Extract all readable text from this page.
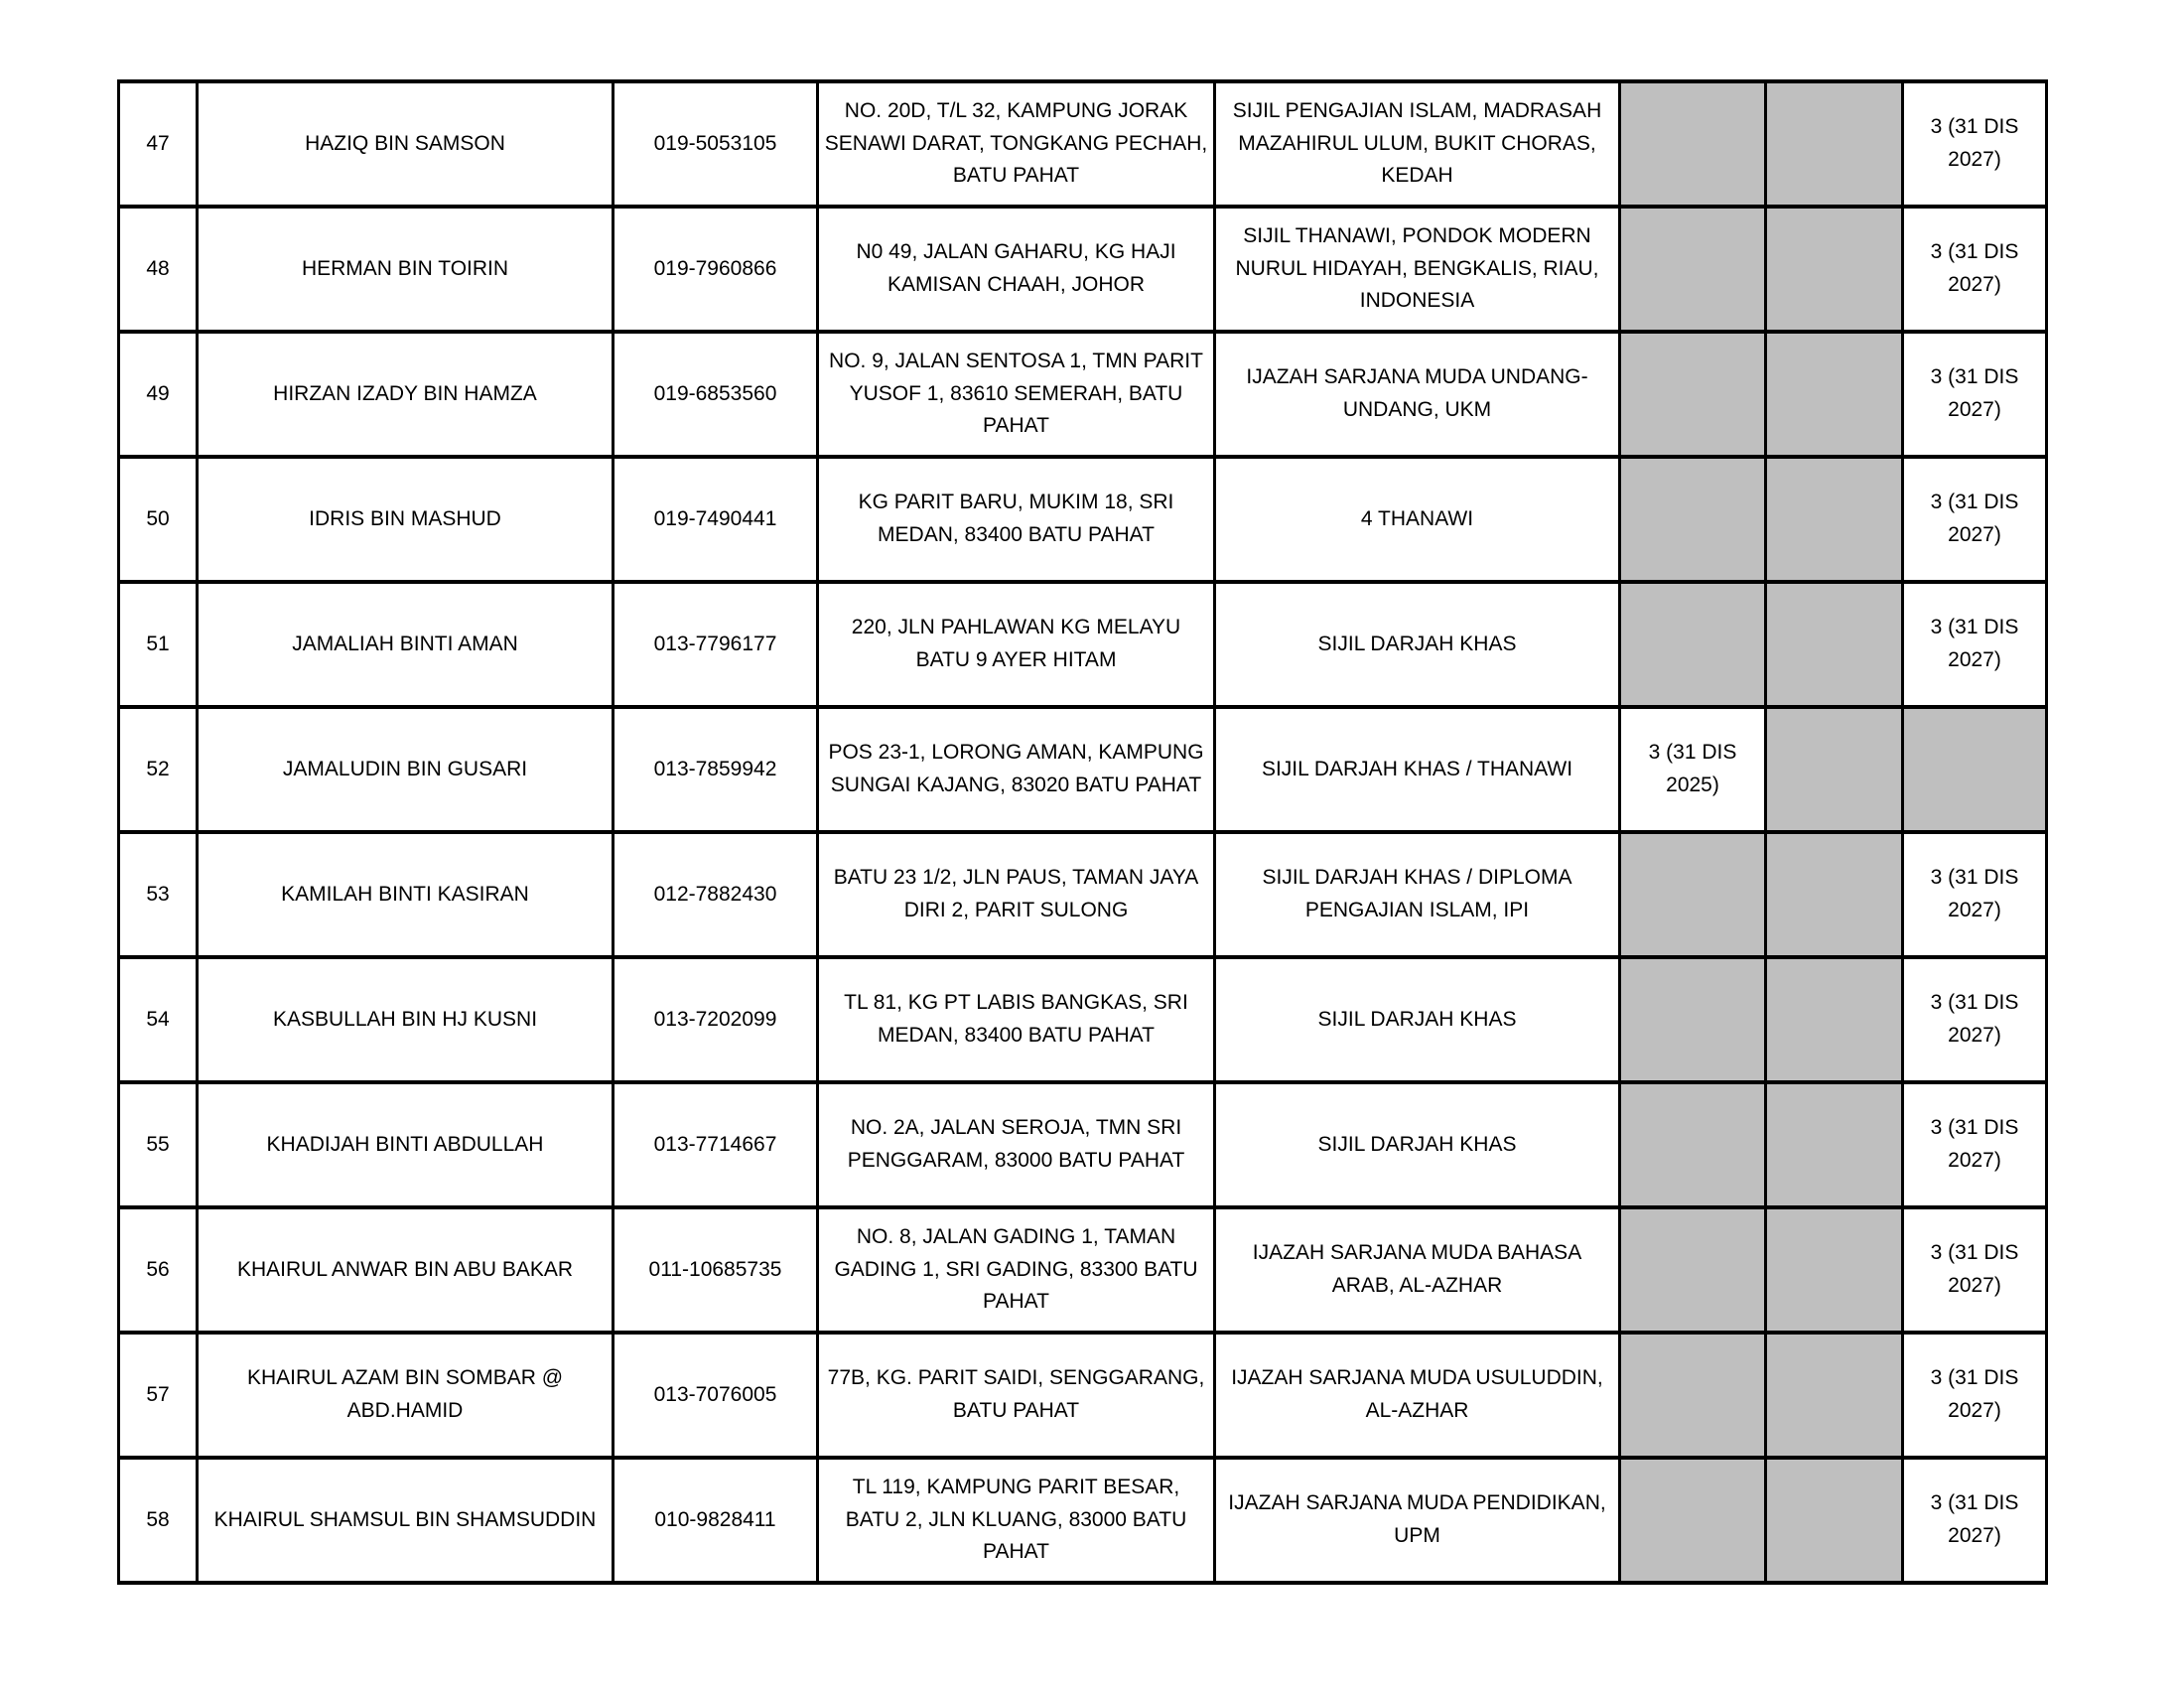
47	HAZIQ BIN SAMSON	019-5053105	NO. 20D, T/L 32, KAMPUNG JORAK SENAWI DARAT, TONGKANG PECHAH, BATU PAHAT	SIJIL PENGAJIAN ISLAM, MADRASAH MAZAHIRUL ULUM, BUKIT CHORAS, KEDAH			3 (31 DIS 2027)
48	HERMAN BIN TOIRIN	019-7960866	N0 49, JALAN GAHARU, KG HAJI KAMISAN CHAAH, JOHOR	SIJIL THANAWI, PONDOK MODERN NURUL HIDAYAH, BENGKALIS, RIAU, INDONESIA			3 (31 DIS 2027)
49	HIRZAN IZADY BIN HAMZA	019-6853560	NO. 9, JALAN SENTOSA 1, TMN PARIT YUSOF 1, 83610 SEMERAH, BATU PAHAT	IJAZAH SARJANA MUDA UNDANG-UNDANG, UKM			3 (31 DIS 2027)
50	IDRIS BIN MASHUD	019-7490441	KG PARIT BARU, MUKIM 18, SRI MEDAN, 83400 BATU PAHAT	4 THANAWI			3 (31 DIS 2027)
51	JAMALIAH BINTI AMAN	013-7796177	220, JLN PAHLAWAN KG MELAYU BATU 9 AYER HITAM	SIJIL DARJAH KHAS			3 (31 DIS 2027)
52	JAMALUDIN BIN GUSARI	013-7859942	POS 23-1, LORONG AMAN, KAMPUNG SUNGAI KAJANG, 83020 BATU PAHAT	SIJIL DARJAH KHAS / THANAWI	3 (31 DIS 2025)		
53	KAMILAH BINTI KASIRAN	012-7882430	BATU 23 1/2, JLN PAUS, TAMAN JAYA DIRI 2, PARIT SULONG	SIJIL DARJAH KHAS / DIPLOMA PENGAJIAN ISLAM, IPI			3 (31 DIS 2027)
54	KASBULLAH BIN HJ KUSNI	013-7202099	TL 81, KG PT LABIS BANGKAS, SRI MEDAN, 83400 BATU PAHAT	SIJIL DARJAH KHAS			3 (31 DIS 2027)
55	KHADIJAH BINTI ABDULLAH	013-7714667	NO. 2A, JALAN SEROJA, TMN SRI PENGGARAM, 83000 BATU PAHAT	SIJIL DARJAH KHAS			3 (31 DIS 2027)
56	KHAIRUL ANWAR BIN ABU BAKAR	011-10685735	NO. 8, JALAN GADING 1, TAMAN GADING 1, SRI GADING, 83300 BATU PAHAT	IJAZAH SARJANA MUDA BAHASA ARAB, AL-AZHAR			3 (31 DIS 2027)
57	KHAIRUL AZAM BIN SOMBAR @ ABD.HAMID	013-7076005	77B, KG. PARIT SAIDI, SENGGARANG, BATU PAHAT	IJAZAH SARJANA MUDA USULUDDIN, AL-AZHAR			3 (31 DIS 2027)
58	KHAIRUL SHAMSUL BIN SHAMSUDDIN	010-9828411	TL 119, KAMPUNG PARIT BESAR, BATU 2, JLN KLUANG, 83000 BATU PAHAT	IJAZAH SARJANA MUDA PENDIDIKAN, UPM			3 (31 DIS 2027)
